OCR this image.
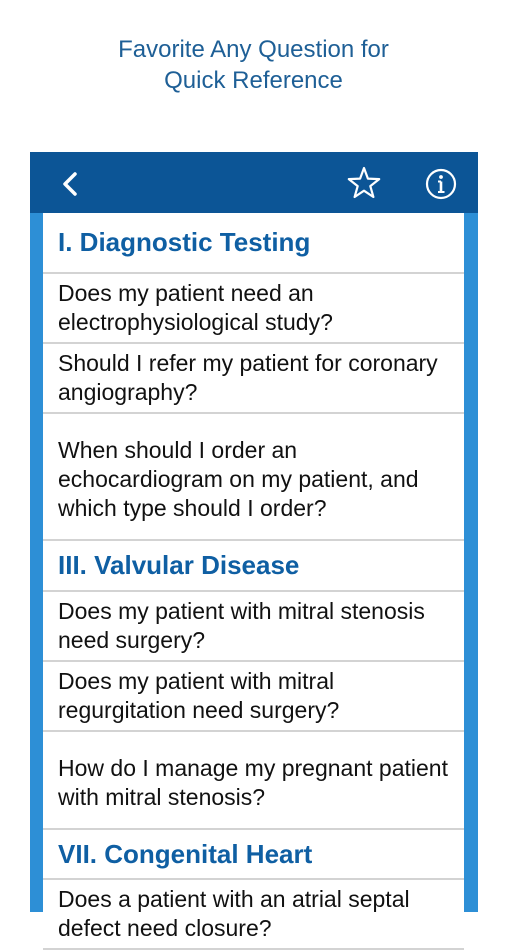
Favorite Any Question for
Quick Reference
I. Diagnostic Testing
Does my patient need an electrophysiological study?
Should I refer my patient for coronary angiography?
When should I order an echocardiogram on my patient, and which type should I order?
III. Valvular Disease
Does my patient with mitral stenosis need surgery?
Does my patient with mitral regurgitation need surgery?
How do I manage my pregnant patient with mitral stenosis?
VII. Congenital Heart
Does a patient with an atrial septal defect need closure?
